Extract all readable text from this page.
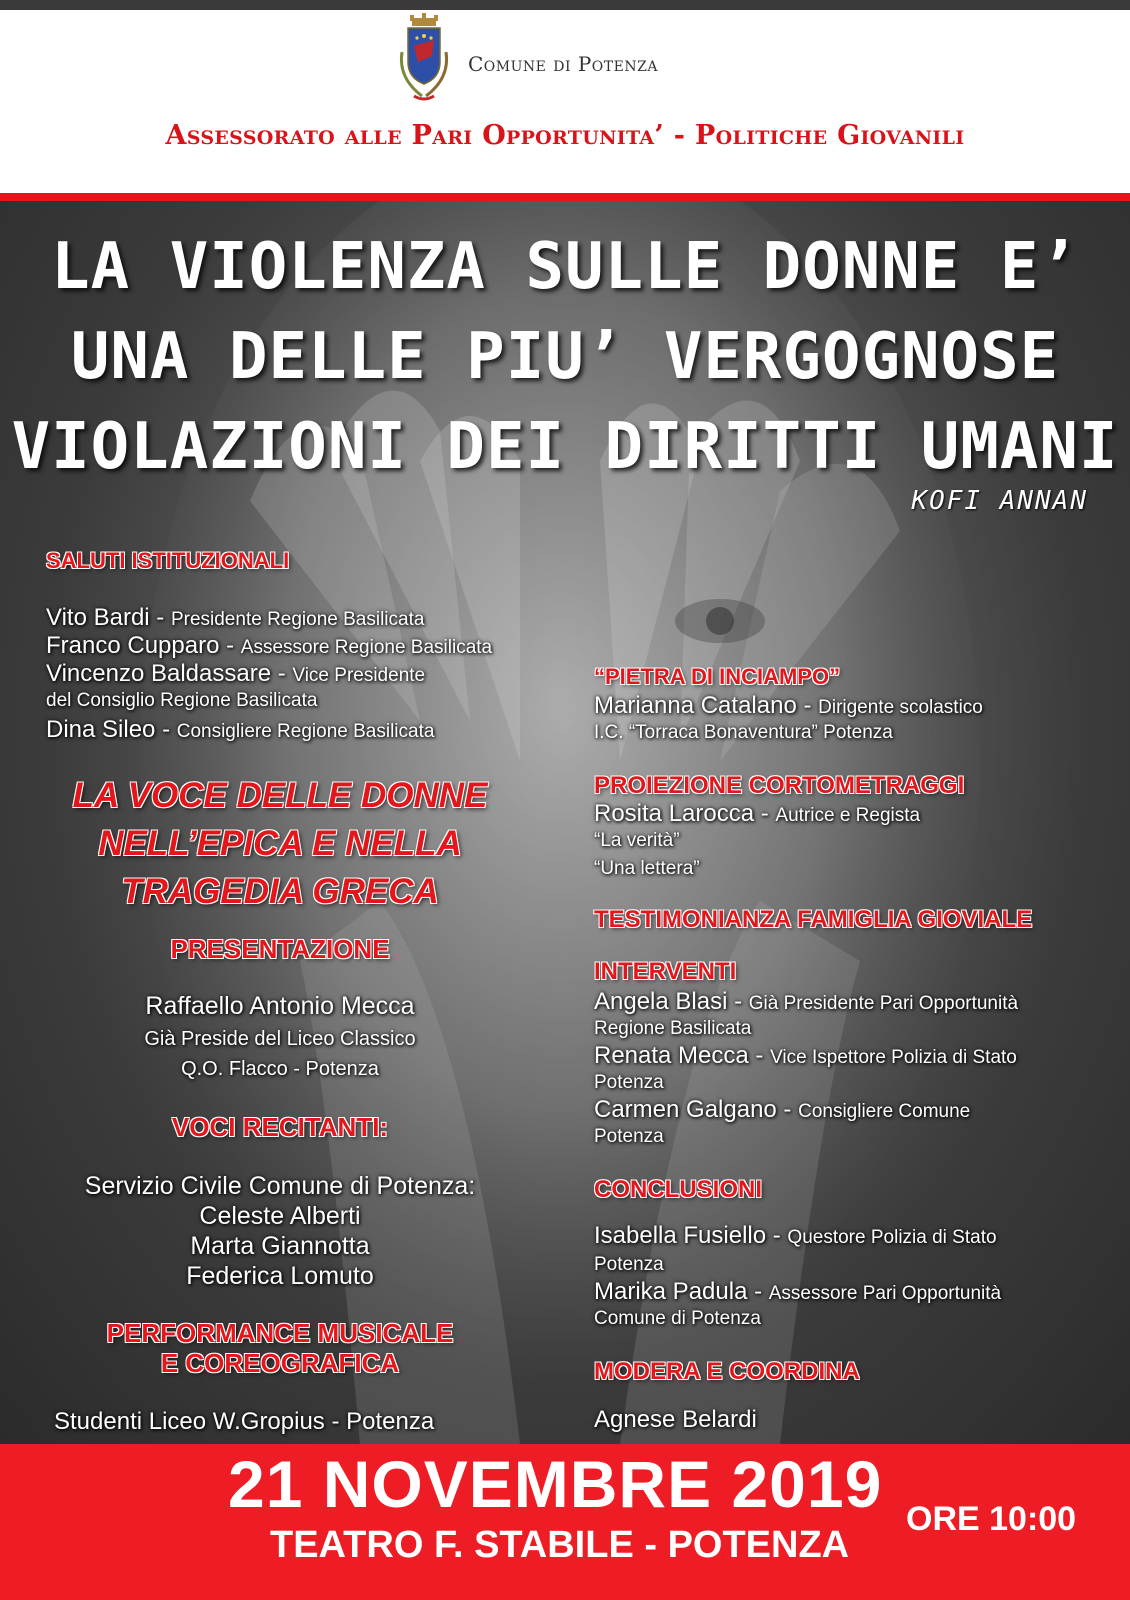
Comune di Potenza
Assessorato alle Pari Opportunita’ - Politiche Giovanili
LA VIOLENZA SULLE DONNE E’
UNA DELLE PIU’ VERGOGNOSE
VIOLAZIONI DEI DIRITTI UMANI
KOFI ANNAN
SALUTI ISTITUZIONALI
Vito Bardi - Presidente Regione Basilicata
Franco Cupparo - Assessore Regione Basilicata
Vincenzo Baldassare - Vice Presidente
del Consiglio Regione Basilicata
Dina Sileo - Consigliere Regione Basilicata
LA VOCE DELLE DONNE
NELL’EPICA E NELLA
TRAGEDIA GRECA
PRESENTAZIONE
Raffaello Antonio Mecca
Già Preside del Liceo Classico
Q.O. Flacco - Potenza
VOCI RECITANTI:
Servizio Civile Comune di Potenza:
Celeste Alberti
Marta Giannotta
Federica Lomuto
PERFORMANCE MUSICALE
E COREOGRAFICA
Studenti Liceo W.Gropius - Potenza
“PIETRA DI INCIAMPO”
Marianna Catalano - Dirigente scolastico
I.C. “Torraca Bonaventura” Potenza
PROIEZIONE CORTOMETRAGGI
Rosita Larocca - Autrice e Regista
“La verità”
“Una lettera”
TESTIMONIANZA FAMIGLIA GIOVIALE
INTERVENTI
Angela Blasi - Già Presidente Pari Opportunità
Regione Basilicata
Renata Mecca - Vice Ispettore Polizia di Stato
Potenza
Carmen Galgano - Consigliere Comune
Potenza
CONCLUSIONI
Isabella Fusiello - Questore Polizia di Stato
Potenza
Marika Padula - Assessore Pari Opportunità
Comune di Potenza
MODERA E COORDINA
Agnese Belardi
21 NOVEMBRE 2019
TEATRO F. STABILE - POTENZA
ORE 10:00
